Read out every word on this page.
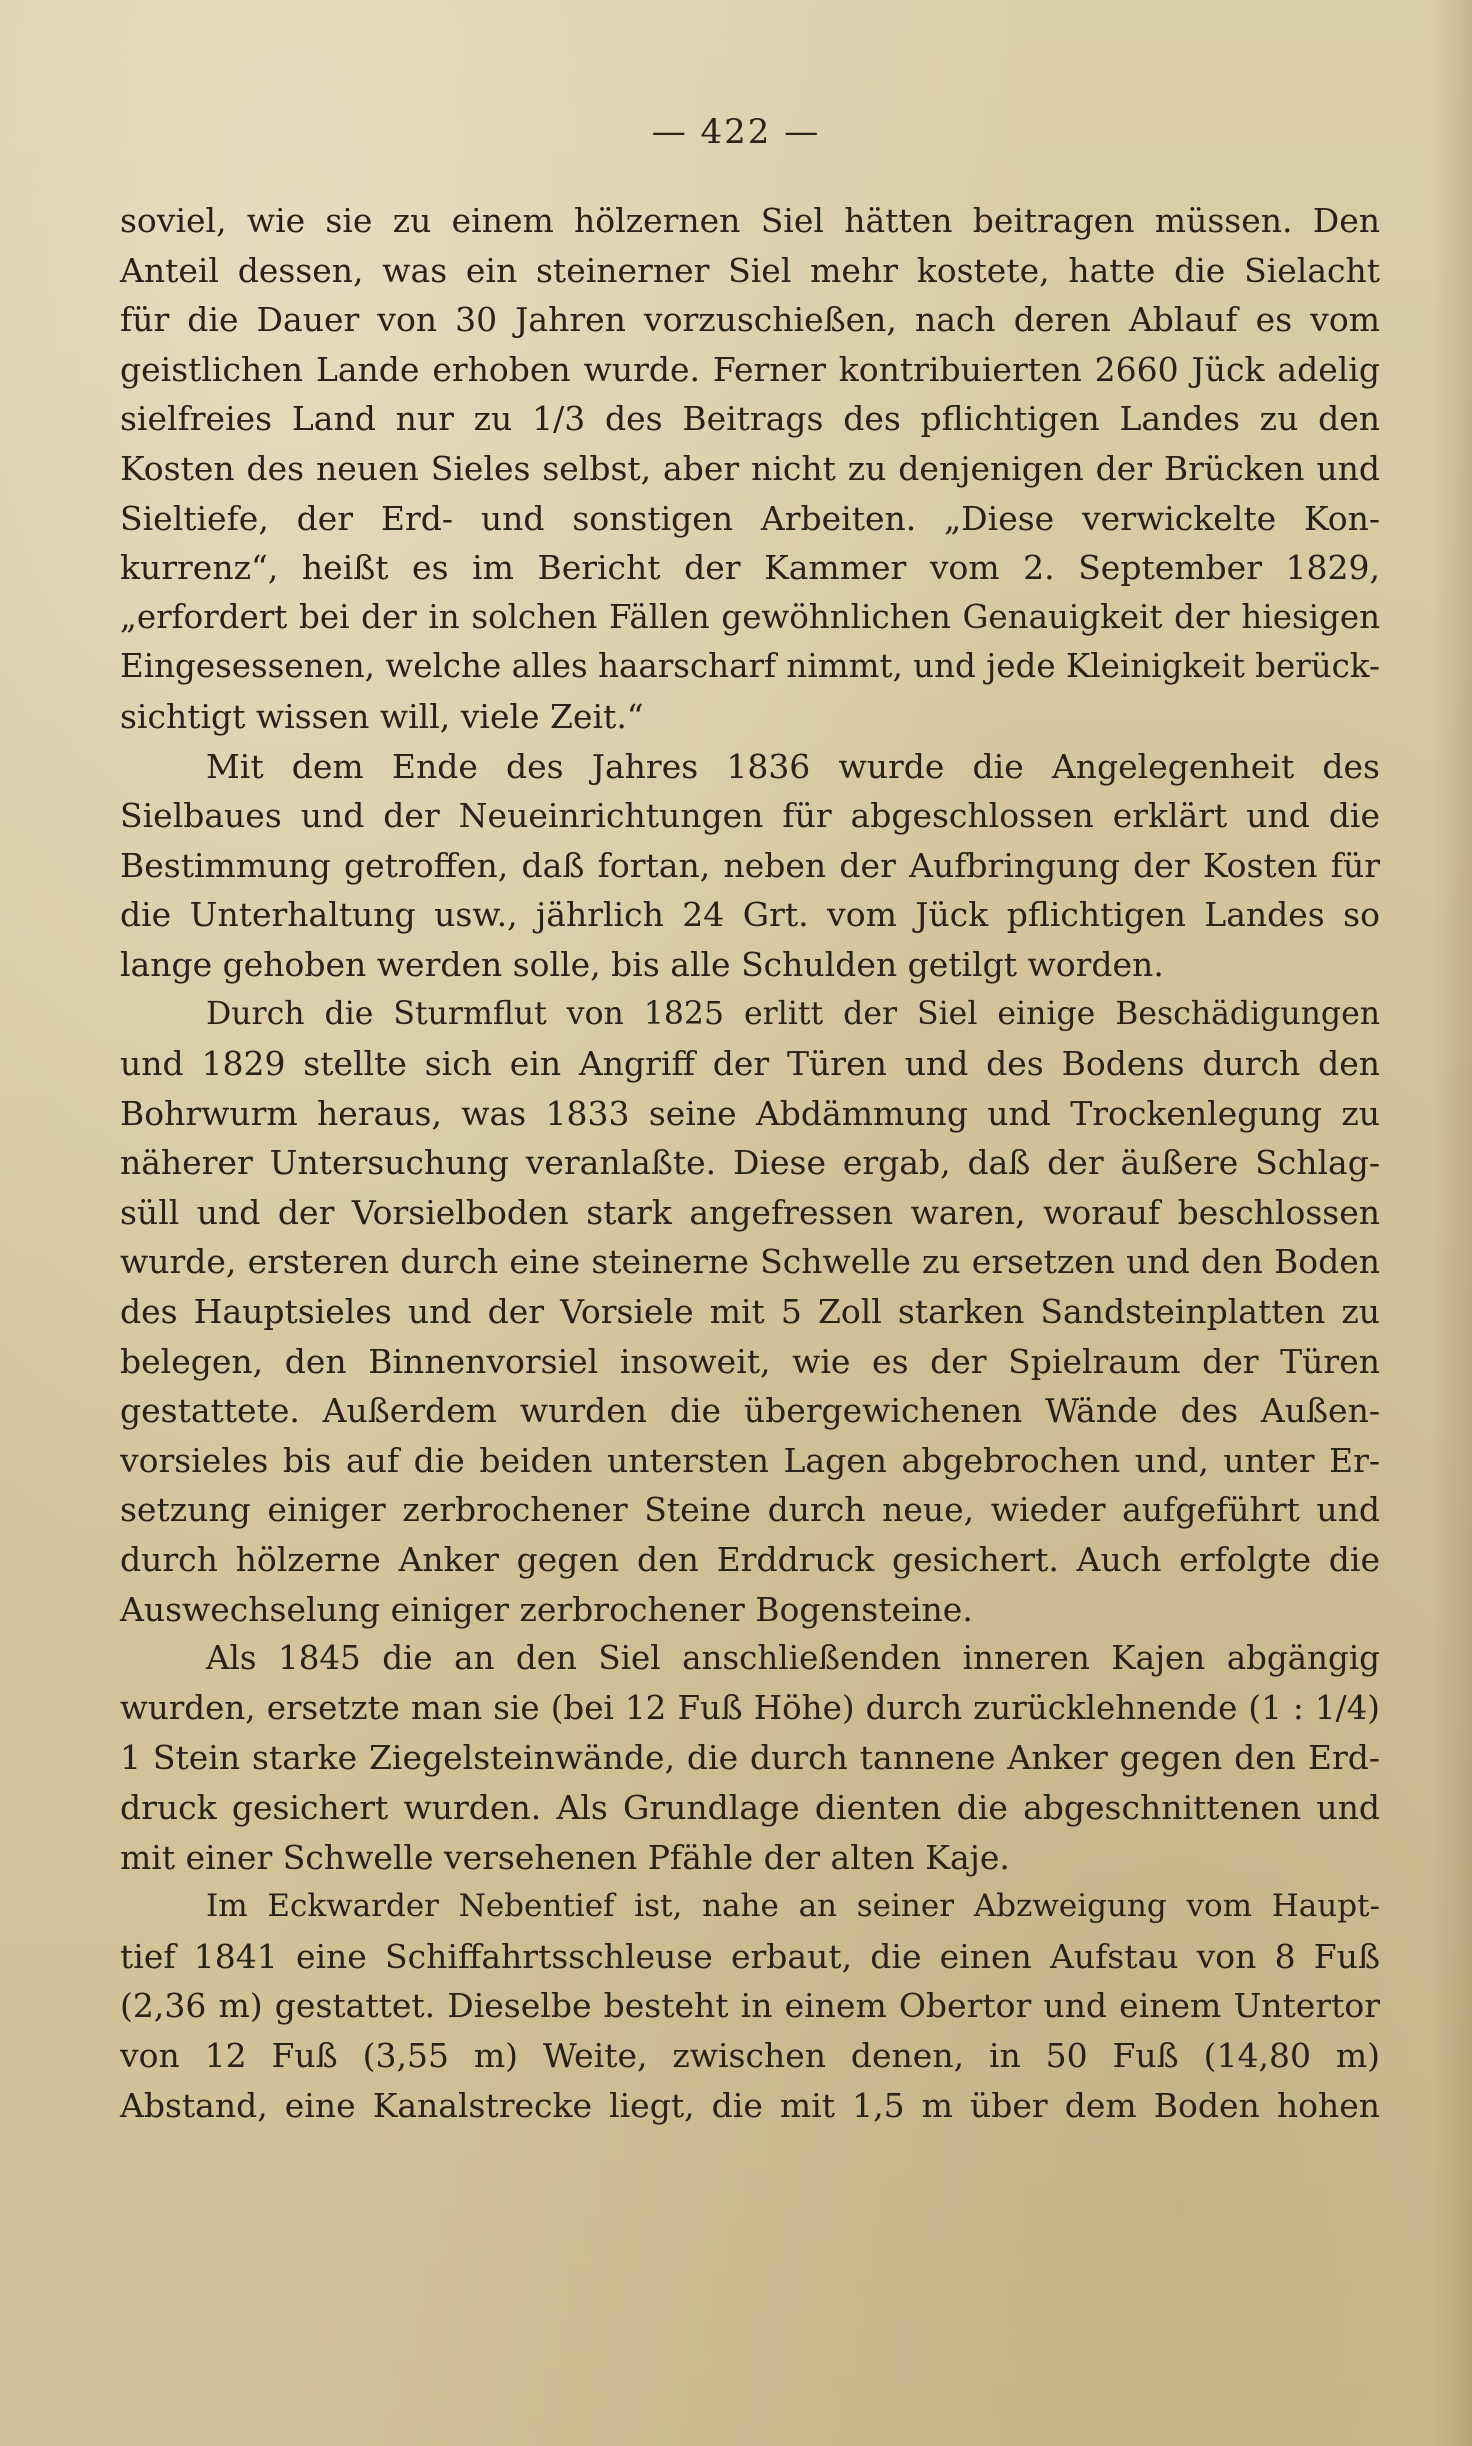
— 422 —
soviel, wie sie zu einem hölzernen Siel hätten beitragen müssen. Den
Anteil dessen, was ein steinerner Siel mehr kostete, hatte die Sielacht
für die Dauer von 30 Jahren vorzuschießen, nach deren Ablauf es vom
geistlichen Lande erhoben wurde. Ferner kontribuierten 2660 Jück adelig
sielfreies Land nur zu 1/3 des Beitrags des pflichtigen Landes zu den
Kosten des neuen Sieles selbst, aber nicht zu denjenigen der Brücken und
Sieltiefe, der Erd- und sonstigen Arbeiten. „Diese verwickelte Kon-
kurrenz“, heißt es im Bericht der Kammer vom 2. September 1829,
„erfordert bei der in solchen Fällen gewöhnlichen Genauigkeit der hiesigen
Eingesessenen, welche alles haarscharf nimmt, und jede Kleinigkeit berück-
sichtigt wissen will, viele Zeit.“
Mit dem Ende des Jahres 1836 wurde die Angelegenheit des
Sielbaues und der Neueinrichtungen für abgeschlossen erklärt und die
Bestimmung getroffen, daß fortan, neben der Aufbringung der Kosten für
die Unterhaltung usw., jährlich 24 Grt. vom Jück pflichtigen Landes so
lange gehoben werden solle, bis alle Schulden getilgt worden.
Durch die Sturmflut von 1825 erlitt der Siel einige Beschädigungen
und 1829 stellte sich ein Angriff der Türen und des Bodens durch den
Bohrwurm heraus, was 1833 seine Abdämmung und Trockenlegung zu
näherer Untersuchung veranlaßte. Diese ergab, daß der äußere Schlag-
süll und der Vorsielboden stark angefressen waren, worauf beschlossen
wurde, ersteren durch eine steinerne Schwelle zu ersetzen und den Boden
des Hauptsieles und der Vorsiele mit 5 Zoll starken Sandsteinplatten zu
belegen, den Binnenvorsiel insoweit, wie es der Spielraum der Türen
gestattete. Außerdem wurden die übergewichenen Wände des Außen-
vorsieles bis auf die beiden untersten Lagen abgebrochen und, unter Er-
setzung einiger zerbrochener Steine durch neue, wieder aufgeführt und
durch hölzerne Anker gegen den Erddruck gesichert. Auch erfolgte die
Auswechselung einiger zerbrochener Bogensteine.
Als 1845 die an den Siel anschließenden inneren Kajen abgängig
wurden, ersetzte man sie (bei 12 Fuß Höhe) durch zurücklehnende (1 : 1/4)
1 Stein starke Ziegelsteinwände, die durch tannene Anker gegen den Erd-
druck gesichert wurden. Als Grundlage dienten die abgeschnittenen und
mit einer Schwelle versehenen Pfähle der alten Kaje.
Im Eckwarder Nebentief ist, nahe an seiner Abzweigung vom Haupt-
tief 1841 eine Schiffahrtsschleuse erbaut, die einen Aufstau von 8 Fuß
(2,36 m) gestattet. Dieselbe besteht in einem Obertor und einem Untertor
von 12 Fuß (3,55 m) Weite, zwischen denen, in 50 Fuß (14,80 m)
Abstand, eine Kanalstrecke liegt, die mit 1,5 m über dem Boden hohen
